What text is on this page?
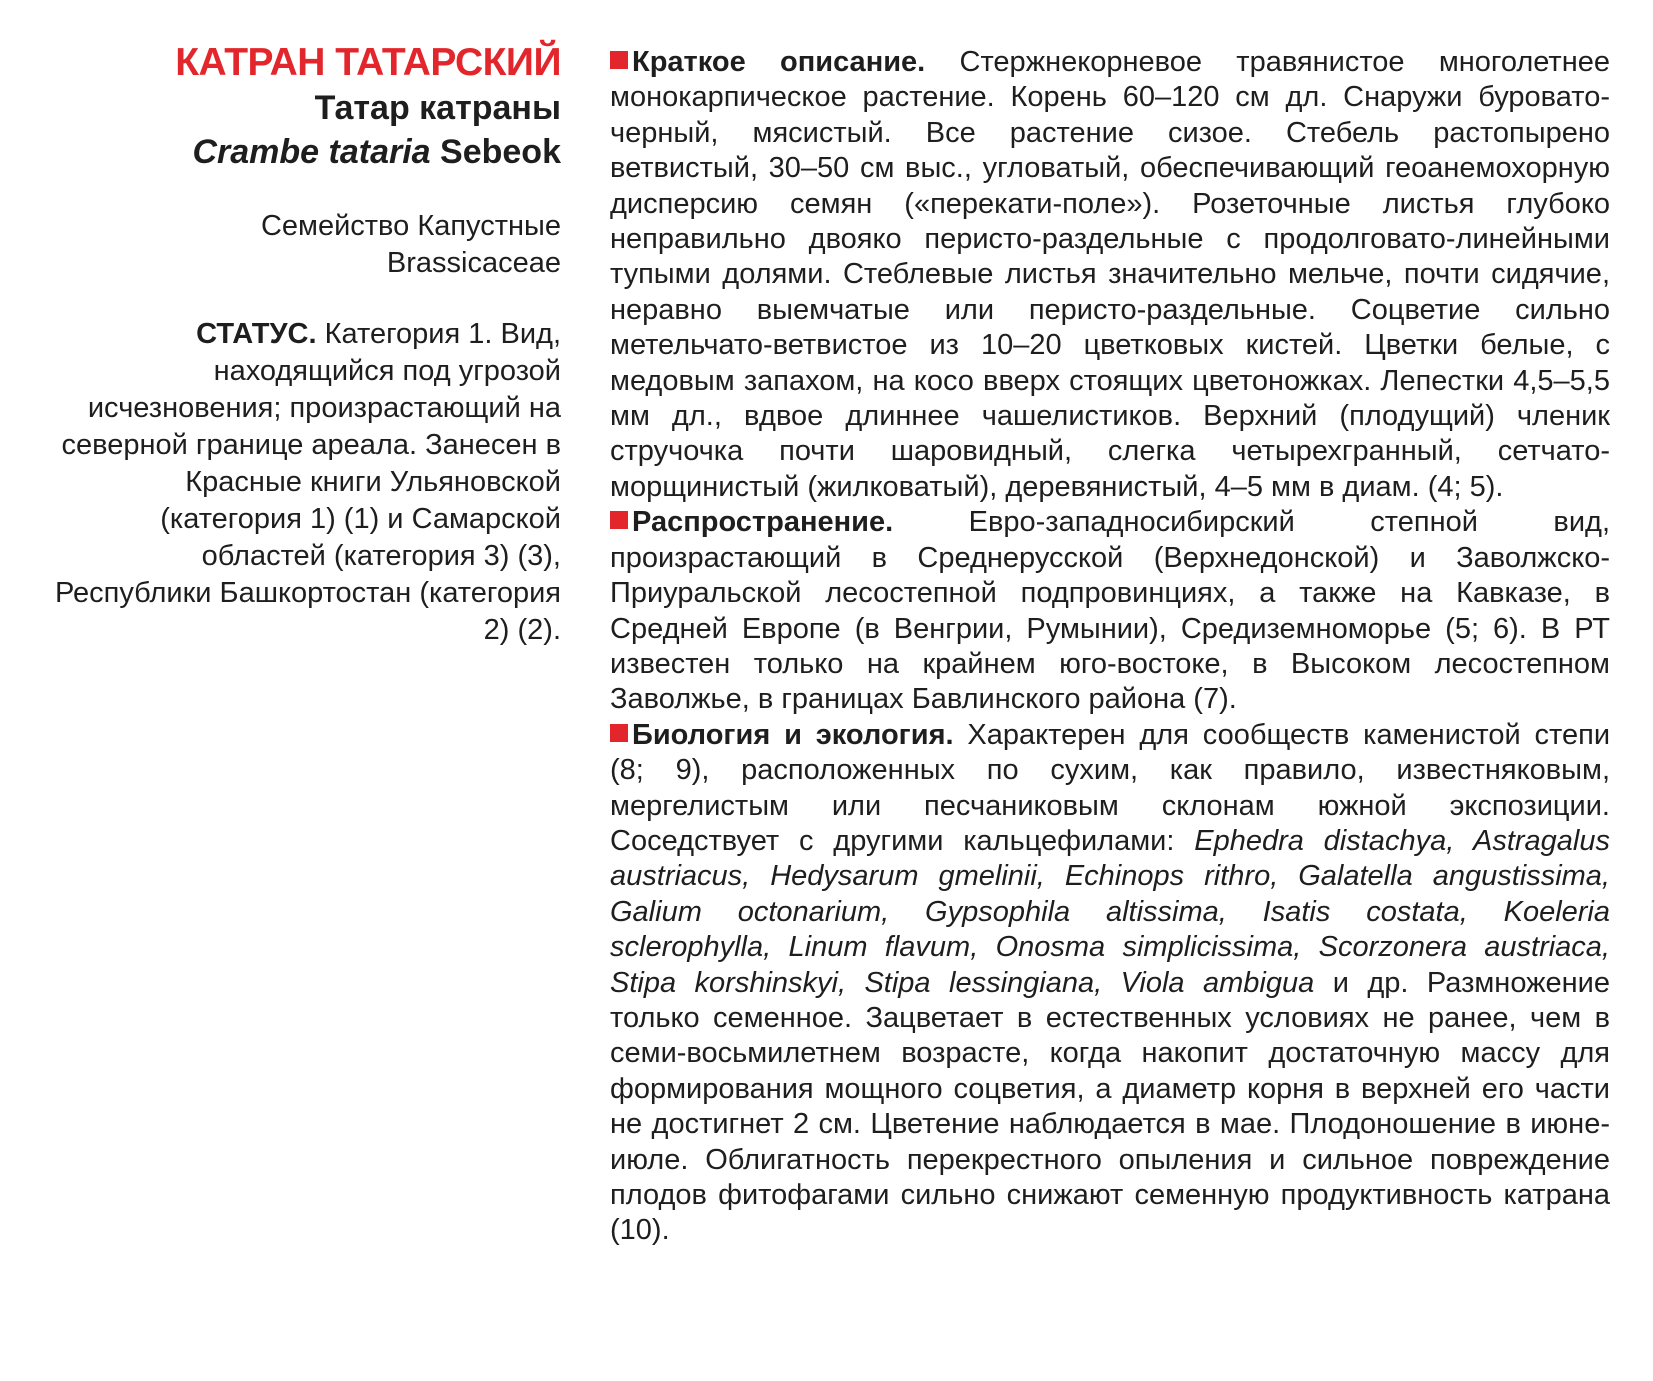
КАТРАН ТАТАРСКИЙ
Татар катраны
Crambe tataria Sebeok
Семейство Капустные
Brassicaceae
СТАТУС. Категория 1. Вид, находящийся под угрозой исчезновения; произрастающий на северной границе ареала. Занесен в Красные книги Ульяновской (категория 1) (1) и Самарской областей (категория 3) (3), Республики Башкортостан (категория 2) (2).

Краткое описание. Стержнекорневое травянистое многолетнее монокарпическое растение. Корень 60–120 см дл. Снаружи буровато-черный, мясистый. Все растение сизое. Стебель растопырено ветвистый, 30–50 см выс., угловатый, обеспечивающий геоанемохорную дисперсию семян («перекати-поле»). Розеточные листья глубоко неправильно двояко перисто-раздельные с продолговато-линейными тупыми долями. Стеблевые листья значительно мельче, почти сидячие, неравно выемчатые или перисто-раздельные. Соцветие сильно метельчато-ветвистое из 10–20 цветковых кистей. Цветки белые, с медовым запахом, на косо вверх стоящих цветоножках. Лепестки 4,5–5,5 мм дл., вдвое длиннее чашелистиков. Верхний (плодущий) членик стручочка почти шаровидный, слегка четырехгранный, сетчато-морщинистый (жилковатый), деревянистый, 4–5 мм в диам. (4; 5).

Распространение.	Евро-западносибирский степной вид, произрастающий в Среднерусской (Верхнедонской) и Заволжско-Приуральской лесостепной подпровинциях, а также на Кавказе, в Средней Европе (в Венгрии, Румынии), Средиземноморье (5; 6). В РТ известен только на крайнем юго-востоке, в Высоком лесостепном Заволжье, в границах Бавлинского района (7).

Биология и экология. Характерен для сообществ каменистой степи (8; 9), расположенных по сухим, как правило, известняковым, мергелистым или песчаниковым склонам южной экспозиции. Соседствует с другими кальцефилами: Ephedra distachya, Astragalus austriacus, Hedysarum gmelinii, Echinops rithro, Galatella angustissima, Galium octonarium, Gypsophila altissima, Isatis costata, Koeleria sclerophylla, Linum flavum, Onosma simplicissima, Scorzonera austriaca, Stipa korshinskyi, Stipa lessingiana, Viola ambigua и др. Размножение только семенное. Зацветает в естественных условиях не ранее, чем в семи-восьмилетнем возрасте, когда накопит достаточную массу для формирования мощного соцветия, а диаметр корня в верхней его части не достигнет 2 см. Цветение наблюдается в мае. Плодоношение в июне-июле. Облигатность перекрестного опыления и сильное повреждение плодов фитофагами сильно снижают семенную продуктивность катрана (10).
